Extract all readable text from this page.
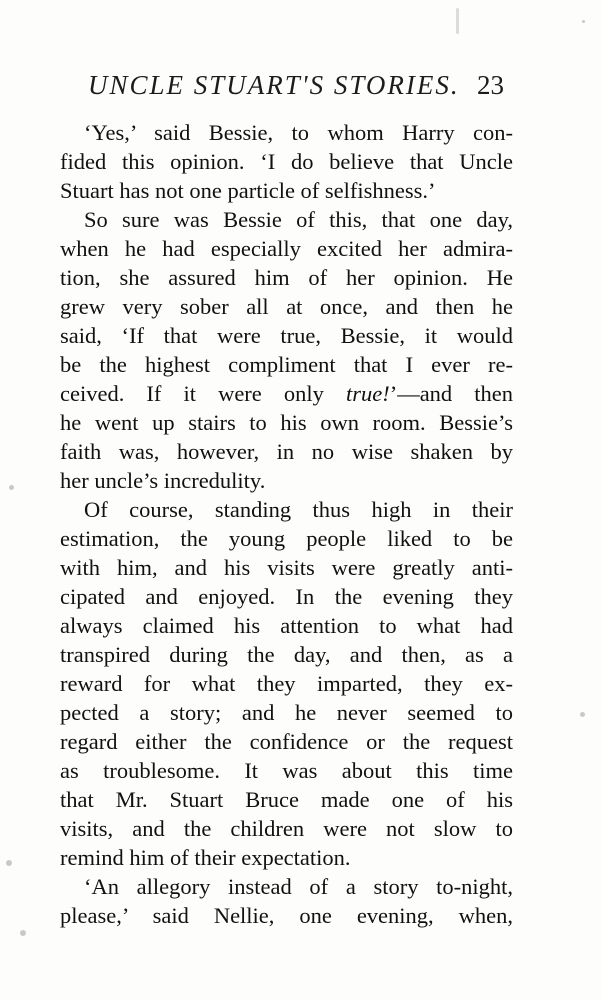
UNCLE STUART'S STORIES. 23
‘Yes,’ said Bessie, to whom Harry con-
fided this opinion. ‘I do believe that Uncle
Stuart has not one particle of selfishness.’
So sure was Bessie of this, that one day,
when he had especially excited her admira-
tion, she assured him of her opinion. He
grew very sober all at once, and then he
said, ‘If that were true, Bessie, it would
be the highest compliment that I ever re-
ceived. If it were only true!’—and then
he went up stairs to his own room. Bessie’s
faith was, however, in no wise shaken by
her uncle’s incredulity.
Of course, standing thus high in their
estimation, the young people liked to be
with him, and his visits were greatly anti-
cipated and enjoyed. In the evening they
always claimed his attention to what had
transpired during the day, and then, as a
reward for what they imparted, they ex-
pected a story; and he never seemed to
regard either the confidence or the request
as troublesome. It was about this time
that Mr. Stuart Bruce made one of his
visits, and the children were not slow to
remind him of their expectation.
‘An allegory instead of a story to-night,
please,’ said Nellie, one evening, when,
